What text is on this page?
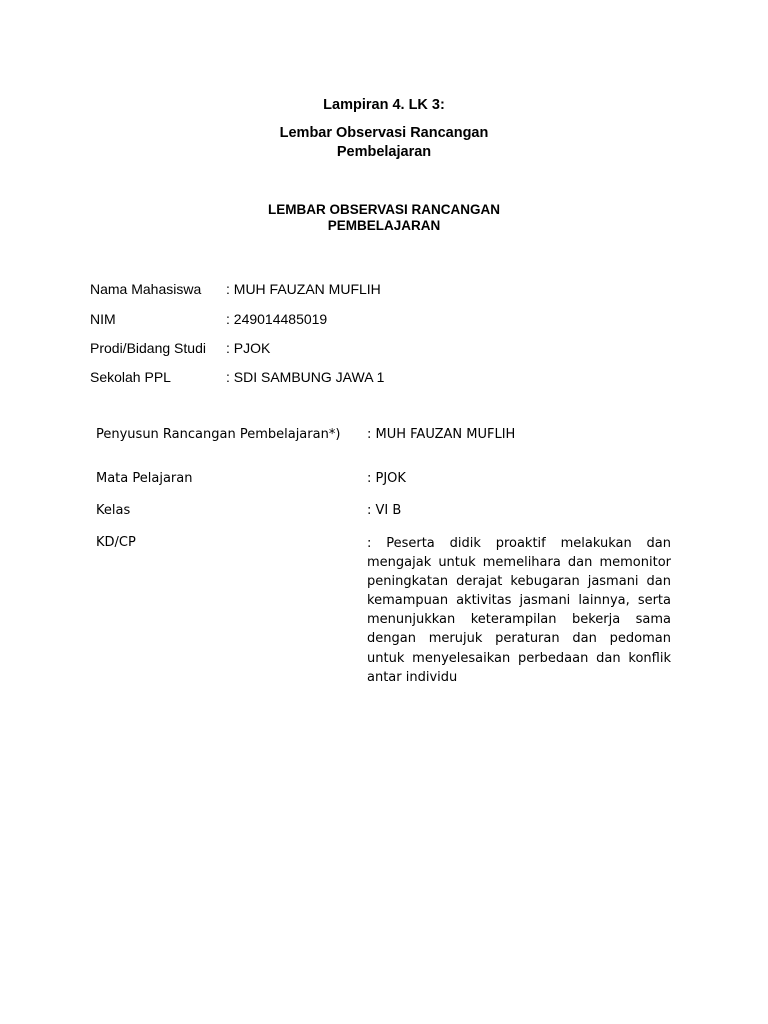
Lampiran 4. LK 3:
Lembar Observasi Rancangan
Pembelajaran
LEMBAR OBSERVASI RANCANGAN
PEMBELAJARAN
Nama Mahasiswa : MUH FAUZAN MUFLIH
NIM	: 249014485019
Prodi/Bidang Studi : PJOK
Sekolah PPL	: SDI SAMBUNG JAWA 1
Penyusun Rancangan Pembelajaran*) : MUH FAUZAN MUFLIH
Mata Pelajaran	: PJOK
Kelas	: VI B
KD/CP	: Peserta didik proaktif melakukan dan mengajak untuk memelihara dan memonitor peningkatan derajat kebugaran jasmani dan kemampuan aktivitas jasmani lainnya, serta menunjukkan keterampilan bekerja sama dengan merujuk peraturan dan pedoman untuk menyelesaikan perbedaan dan konflik antar individu
